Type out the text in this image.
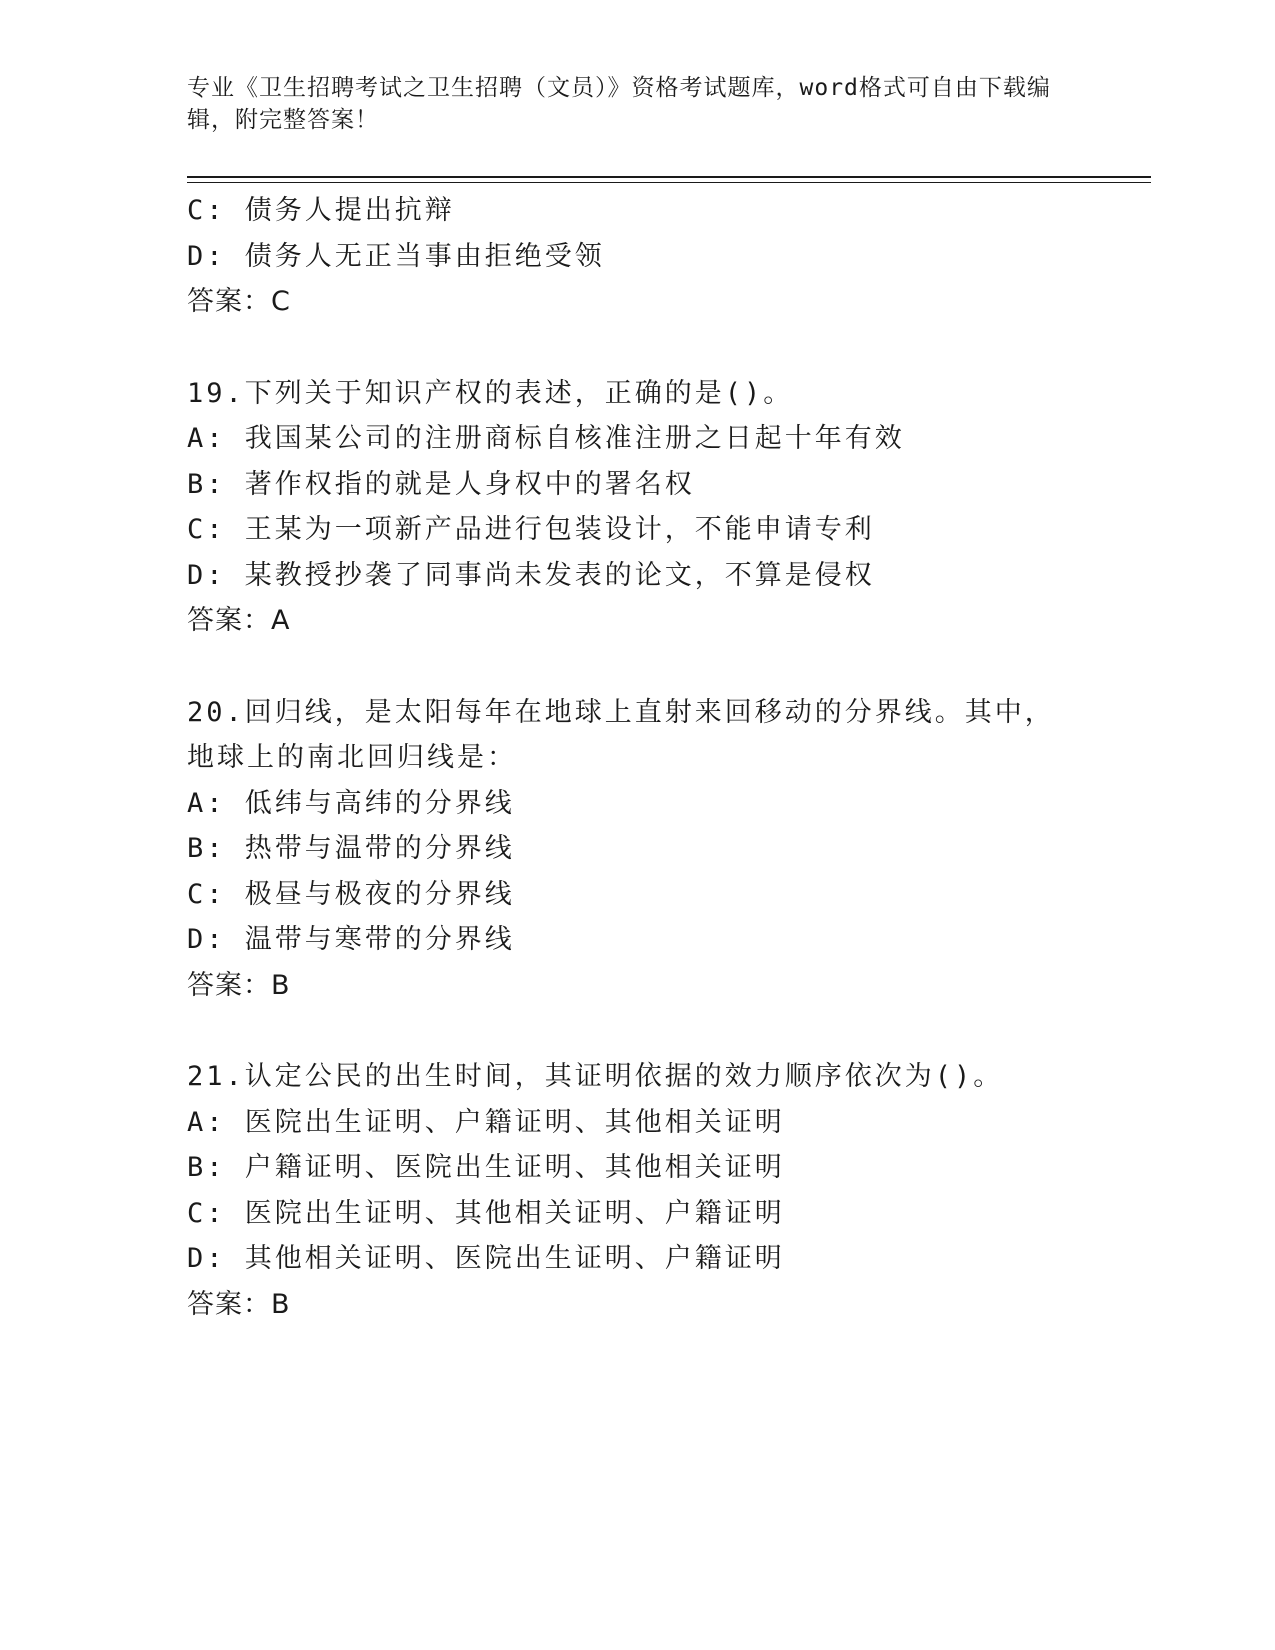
专业《卫生招聘考试之卫生招聘（文员）》资格考试题库，word格式可自由下载编辑，附完整答案！
C: 债务人提出抗辩
D: 债务人无正当事由拒绝受领
答案：C
19.下列关于知识产权的表述，正确的是()。
A: 我国某公司的注册商标自核准注册之日起十年有效
B: 著作权指的就是人身权中的署名权
C: 王某为一项新产品进行包装设计，不能申请专利
D: 某教授抄袭了同事尚未发表的论文，不算是侵权
答案：A
20.回归线，是太阳每年在地球上直射来回移动的分界线。其中，地球上的南北回归线是：
A: 低纬与高纬的分界线
B: 热带与温带的分界线
C: 极昼与极夜的分界线
D: 温带与寒带的分界线
答案：B
21.认定公民的出生时间，其证明依据的效力顺序依次为()。
A: 医院出生证明、户籍证明、其他相关证明
B: 户籍证明、医院出生证明、其他相关证明
C: 医院出生证明、其他相关证明、户籍证明
D: 其他相关证明、医院出生证明、户籍证明
答案：B
